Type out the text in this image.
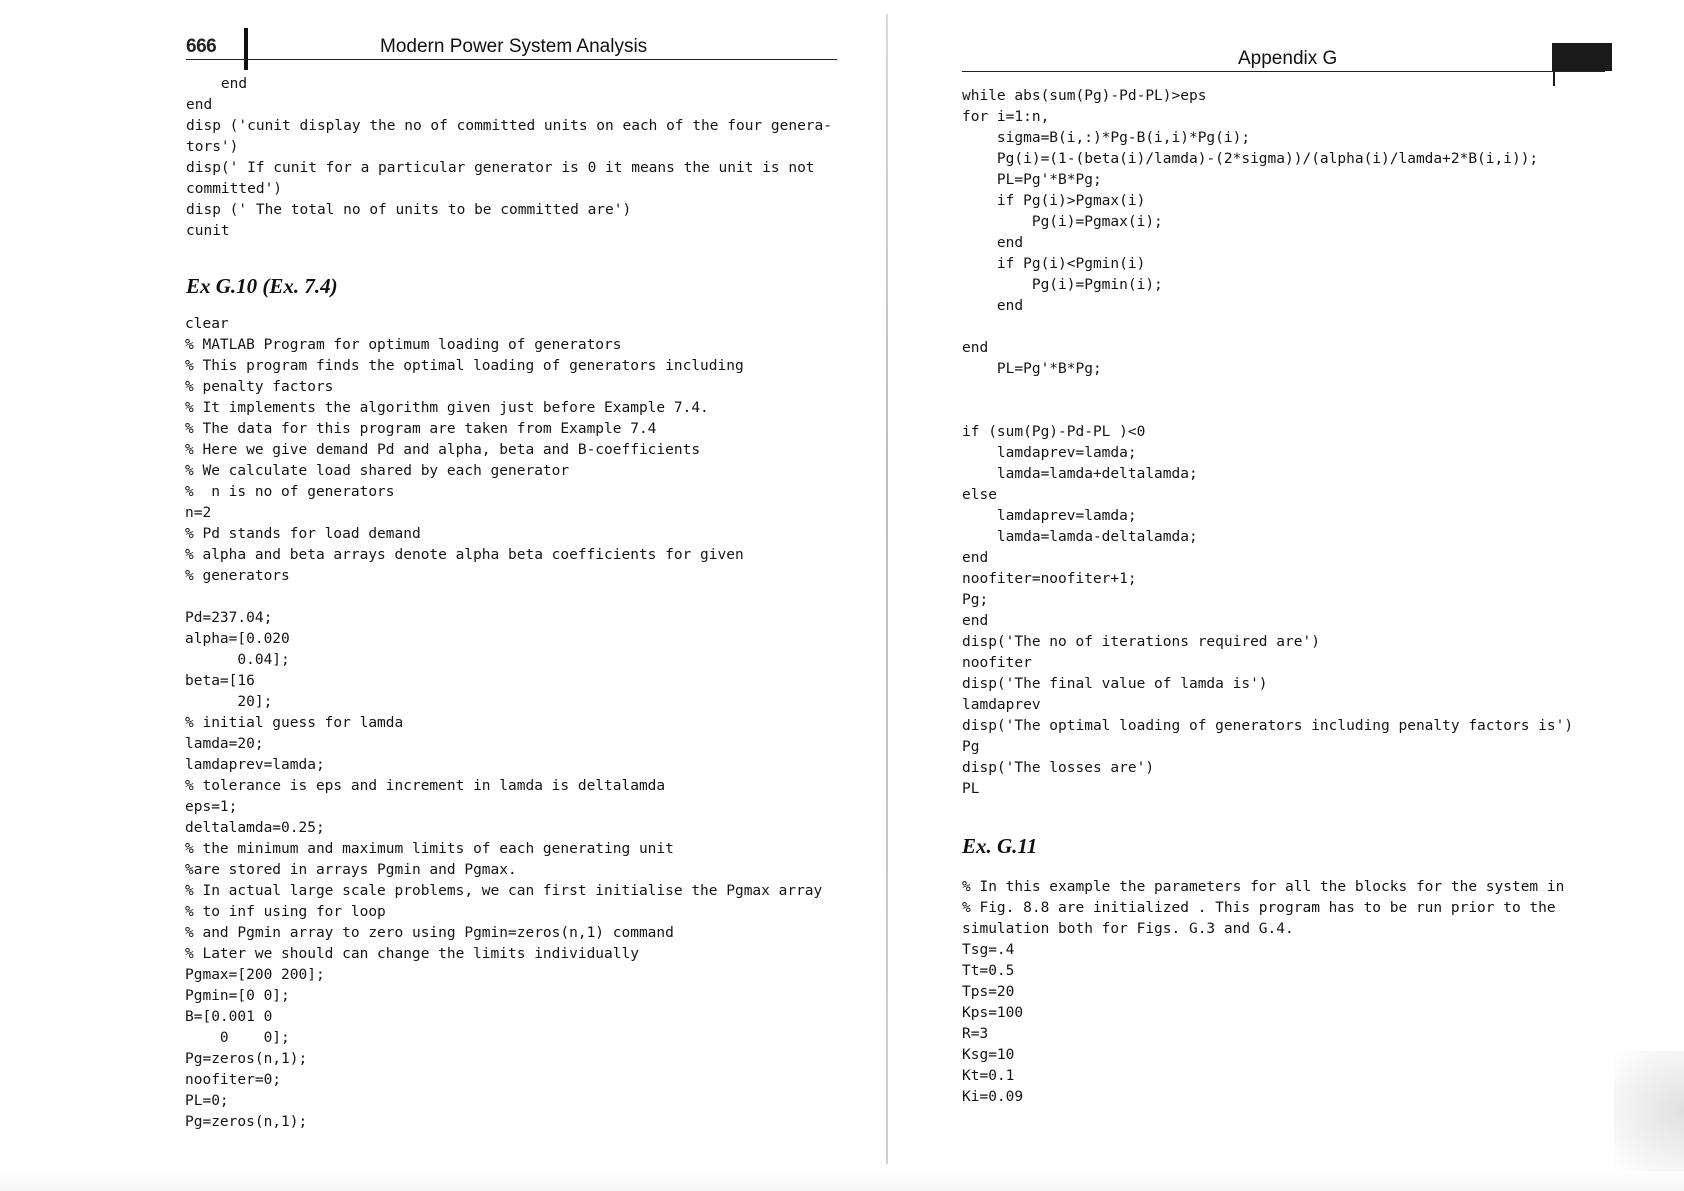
666	Modern Power System Analysis
end
end
disp ('cunit display the no of committed units on each of the four genera-
tors')
disp(' If cunit for a particular generator is 0 it means the unit is not
committed')
disp (' The total no of units to be committed are')
cunit
Ex G.10 (Ex. 7.4)
clear
% MATLAB Program for optimum loading of generators
% This program finds the optimal loading of generators including
% penalty factors
% It implements the algorithm given just before Example 7.4.
% The data for this program are taken from Example 7.4
% Here we give demand Pd and alpha, beta and B-coefficients
% We calculate load shared by each generator
%  n is no of generators
n=2
% Pd stands for load demand
% alpha and beta arrays denote alpha beta coefficients for given
% generators

Pd=237.04;
alpha=[0.020
0.04];
beta=[16
20];
% initial guess for lamda
lamda=20;
lamdaprev=lamda;
% tolerance is eps and increment in lamda is deltalamda
eps=1;
deltalamda=0.25;
% the minimum and maximum limits of each generating unit
%are stored in arrays Pgmin and Pgmax.
% In actual large scale problems, we can first initialise the Pgmax array
% to inf using for loop
% and Pgmin array to zero using Pgmin=zeros(n,1) command
% Later we should can change the limits individually
Pgmax=[200 200];
Pgmin=[0 0];
B=[0.001 0
0    0];
Pg=zeros(n,1);
noofiter=0;
PL=0;
Pg=zeros(n,1);
Appendix G
while abs(sum(Pg)-Pd-PL)>eps
for i=1:n,
sigma=B(i,:)*Pg-B(i,i)*Pg(i);
Pg(i)=(1-(beta(i)/lamda)-(2*sigma))/(alpha(i)/lamda+2*B(i,i));
PL=Pg'*B*Pg;
if Pg(i)>Pgmax(i)
Pg(i)=Pgmax(i);
end
if Pg(i)<Pgmin(i)
Pg(i)=Pgmin(i);
end

end
PL=Pg'*B*Pg;

if (sum(Pg)-Pd-PL )<0
lamdaprev=lamda;
lamda=lamda+deltalamda;
else
lamdaprev=lamda;
lamda=lamda-deltalamda;
end
noofiter=noofiter+1;
Pg;
end
disp('The no of iterations required are')
noofiter
disp('The final value of lamda is')
lamdaprev
disp('The optimal loading of generators including penalty factors is')
Pg
disp('The losses are')
PL
Ex. G.11
% In this example the parameters for all the blocks for the system in
% Fig. 8.8 are initialized . This program has to be run prior to the
simulation both for Figs. G.3 and G.4.
Tsg=.4
Tt=0.5
Tps=20
Kps=100
R=3
Ksg=10
Kt=0.1
Ki=0.09
